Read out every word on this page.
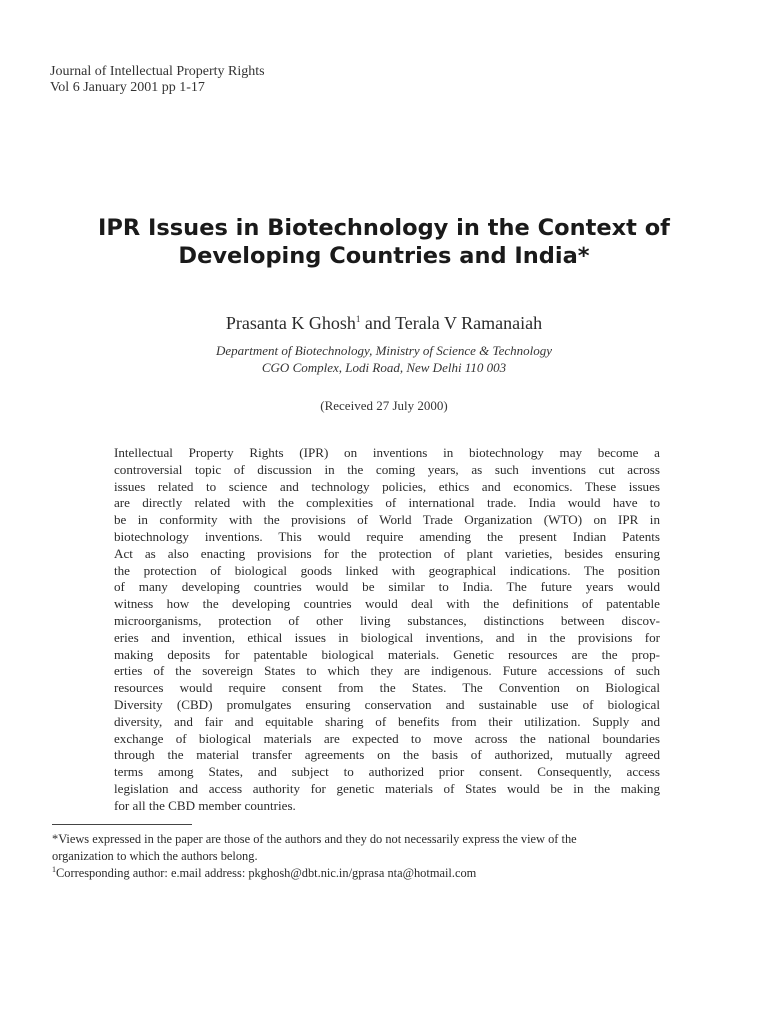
Journal of Intellectual Property Rights
Vol 6 January 2001 pp 1-17
IPR Issues in Biotechnology in the Context of
Developing Countries and India*
Prasanta K Ghosh$^1$ and Terala V Ramanaiah
Department of Biotechnology, Ministry of Science & Technology
CGO Complex, Lodi Road, New Delhi 110 003
(Received 27 July 2000)
Intellectual Property Rights (IPR) on inventions in biotechnology may become a
controversial topic of discussion in the coming years, as such inventions cut across
issues related to science and technology policies, ethics and economics. These issues
are directly related with the complexities of international trade. India would have to
be in conformity with the provisions of World Trade Organization (WTO) on IPR in
biotechnology inventions. This would require amending the present Indian Patents
Act as also enacting provisions for the protection of plant varieties, besides ensuring
the protection of biological goods linked with geographical indications. The position
of many developing countries would be similar to India. The future years would
witness how the developing countries would deal with the definitions of patentable
microorganisms, protection of other living substances, distinctions between discov-
eries and invention, ethical issues in biological inventions, and in the provisions for
making deposits for patentable biological materials. Genetic resources are the prop-
erties of the sovereign States to which they are indigenous. Future accessions of such
resources would require consent from the States. The Convention on Biological
Diversity (CBD) promulgates ensuring conservation and sustainable use of biological
diversity, and fair and equitable sharing of benefits from their utilization. Supply and
exchange of biological materials are expected to move across the national boundaries
through the material transfer agreements on the basis of authorized, mutually agreed
terms among States, and subject to authorized prior consent. Consequently, access
legislation and access authority for genetic materials of States would be in the making
for all the CBD member countries.
*Views expressed in the paper are those of the authors and they do not necessarily express the view of the
organization to which the authors belong.
$^1$Corresponding author: e.mail address: pkghosh@dbt.nic.in/gprasa nta@hotmail.com
